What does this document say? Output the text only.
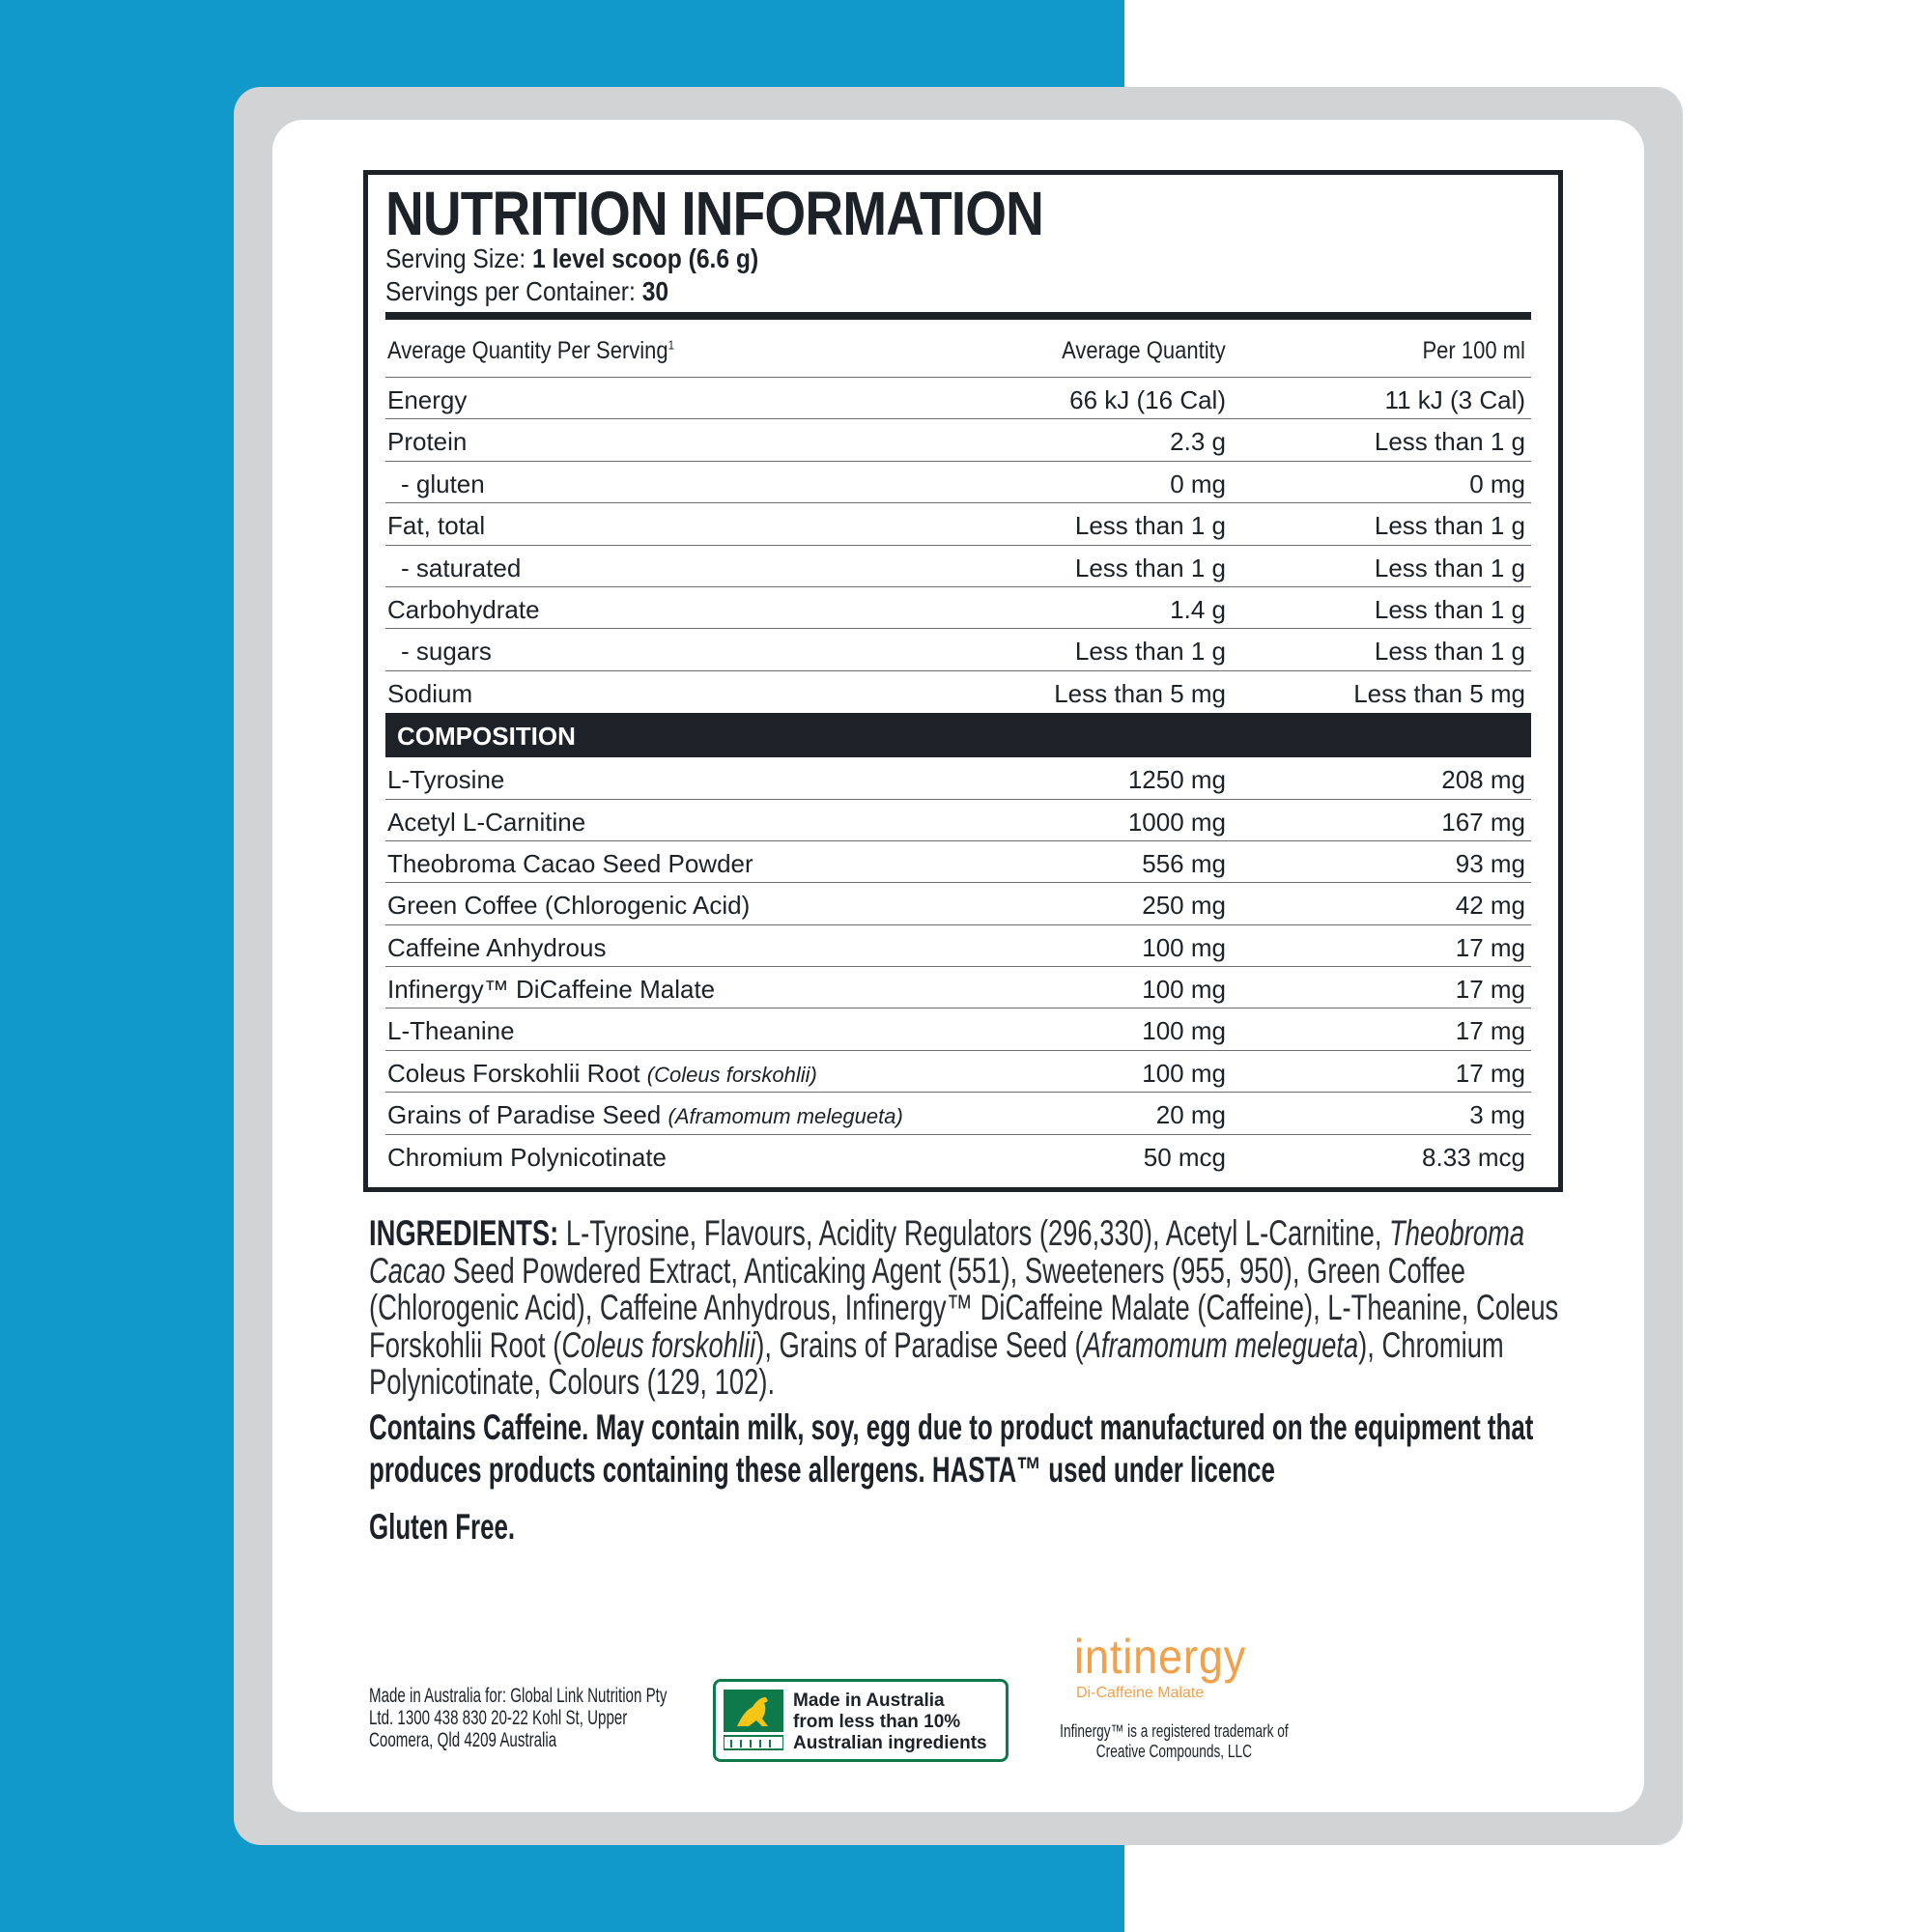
NUTRITION INFORMATION
Serving Size: 1 level scoop (6.6 g)
Servings per Container: 30
Average Quantity Per Serving$^1$	Average Quantity	Per 100 ml
Energy	66 kJ (16 Cal)	11 kJ (3 Cal)
Protein	2.3 g	Less than 1 g
- gluten	0 mg	0 mg
Fat, total	Less than 1 g	Less than 1 g
- saturated	Less than 1 g	Less than 1 g
Carbohydrate	1.4 g	Less than 1 g
- sugars	Less than 1 g	Less than 1 g
Sodium	Less than 5 mg	Less than 5 mg
COMPOSITION
L-Tyrosine	1250 mg	208 mg
Acetyl L-Carnitine	1000 mg	167 mg
Theobroma Cacao Seed Powder	556 mg	93 mg
Green Coffee (Chlorogenic Acid)	250 mg	42 mg
Caffeine Anhydrous	100 mg	17 mg
Infinergy™ DiCaffeine Malate	100 mg	17 mg
L-Theanine	100 mg	17 mg
Coleus Forskohlii Root (Coleus forskohlii)	100 mg	17 mg
Grains of Paradise Seed (Aframomum melegueta)	20 mg	3 mg
Chromium Polynicotinate	50 mcg	8.33 mcg
INGREDIENTS: L-Tyrosine, Flavours, Acidity Regulators (296,330), Acetyl L-Carnitine, Theobroma Cacao Seed Powdered Extract, Anticaking Agent (551), Sweeteners (955, 950), Green Coffee (Chlorogenic Acid), Caffeine Anhydrous, Infinergy™ DiCaffeine Malate (Caffeine), L-Theanine, Coleus Forskohlii Root (Coleus forskohlii), Grains of Paradise Seed (Aframomum melegueta), Chromium Polynicotinate, Colours (129, 102).
Contains Caffeine. May contain milk, soy, egg due to product manufactured on the equipment that produces products containing these allergens. HASTA™ used under licence
Gluten Free.
Made in Australia for: Global Link Nutrition Pty Ltd. 1300 438 830 20-22 Kohl St, Upper Coomera, Qld 4209 Australia
Made in Australia
from less than 10%
Australian ingredients
intinergy
Di-Caffeine Malate
Infinergy™ is a registered trademark of Creative Compounds, LLC
